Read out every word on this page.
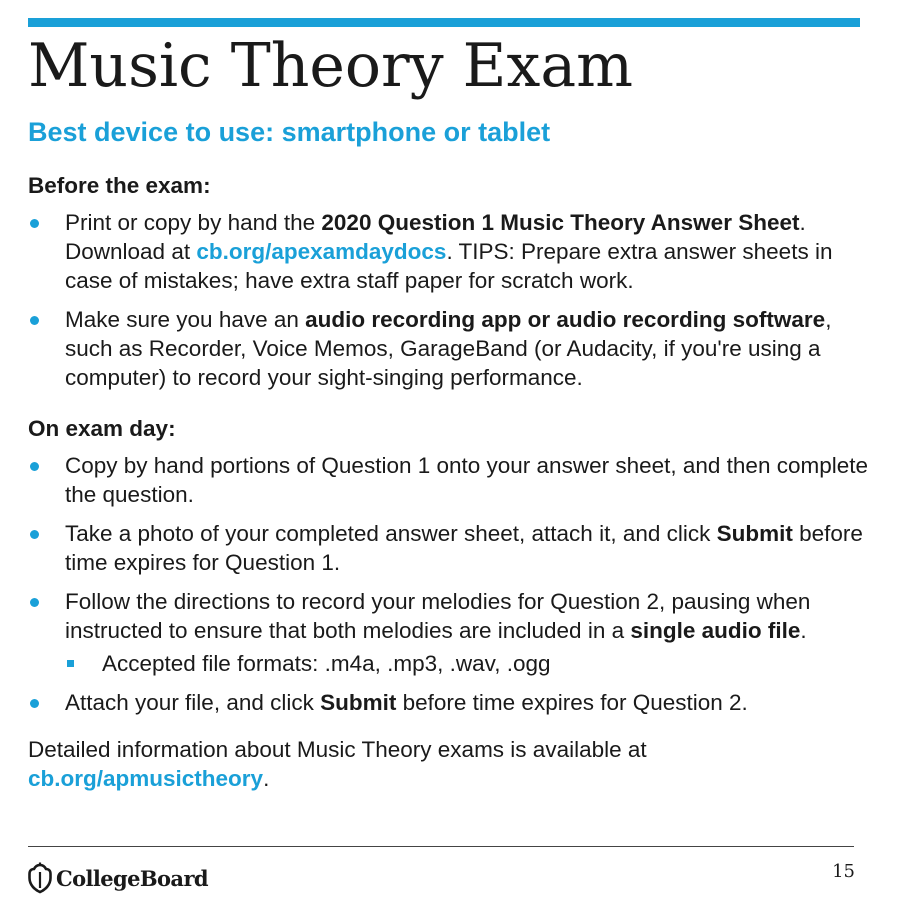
Music Theory Exam
Best device to use: smartphone or tablet

Before the exam:

Print or copy by hand the 2020 Question 1 Music Theory Answer Sheet. Download at cb.org/apexamdaydocs. TIPS: Prepare extra answer sheets in case of mistakes; have extra staff paper for scratch work.
Make sure you have an audio recording app or audio recording software, such as Recorder, Voice Memos, GarageBand (or Audacity, if you're using a computer) to record your sight-singing performance.

On exam day:

Copy by hand portions of Question 1 onto your answer sheet, and then complete the question.
Take a photo of your completed answer sheet, attach it, and click Submit before time expires for Question 1.
Follow the directions to record your melodies for Question 2, pausing when instructed to ensure that both melodies are included in a single audio file.
Accepted file formats: .m4a, .mp3, .wav, .ogg
Attach your file, and click Submit before time expires for Question 2.

Detailed information about Music Theory exams is available at
cb.org/apmusictheory.

CollegeBoard	15
